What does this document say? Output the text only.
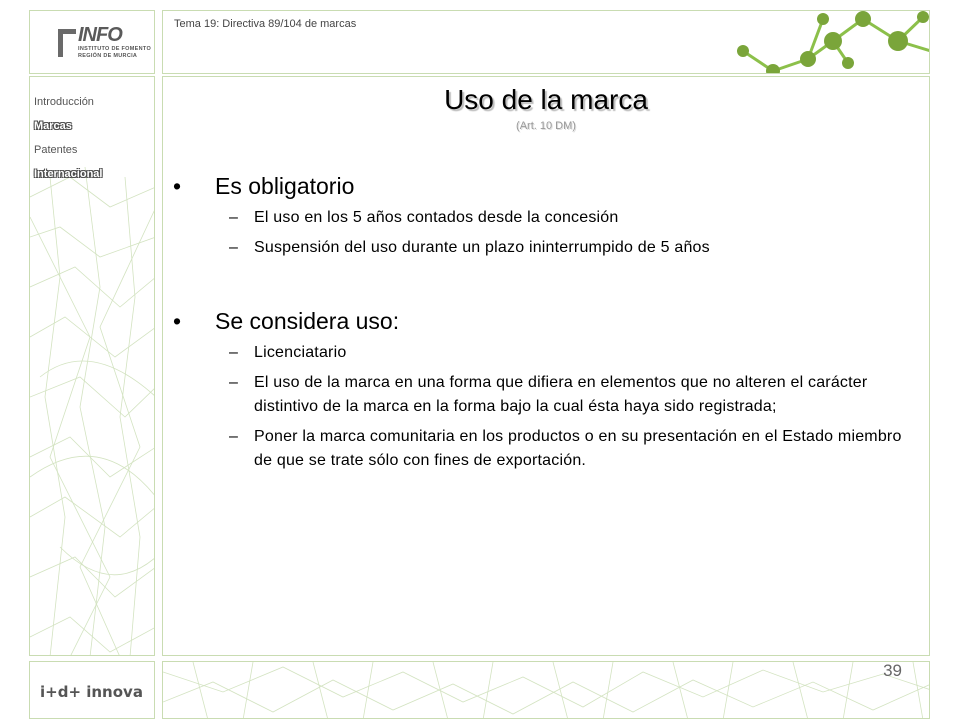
INFO
INSTITUTO DE FOMENTO
REGIÓN DE MURCIA
Introducción
Marcas
Patentes
Internacional
Tema 19: Directiva 89/104 de marcas
Uso de la marca
(Art. 10 DM)
• Es obligatorio
– El uso en los 5 años contados desde la concesión
– Suspensión del uso durante un plazo ininterrumpido de 5 años
• Se considera uso:
– Licenciatario
– El uso de la marca en una forma que difiera en elementos que no alteren el carácter distintivo de la marca en la forma bajo la cual ésta haya sido registrada;
– Poner la marca comunitaria en los productos o en su presentación en el Estado miembro de que se trate sólo con fines de exportación.
i+d+ innova
39
